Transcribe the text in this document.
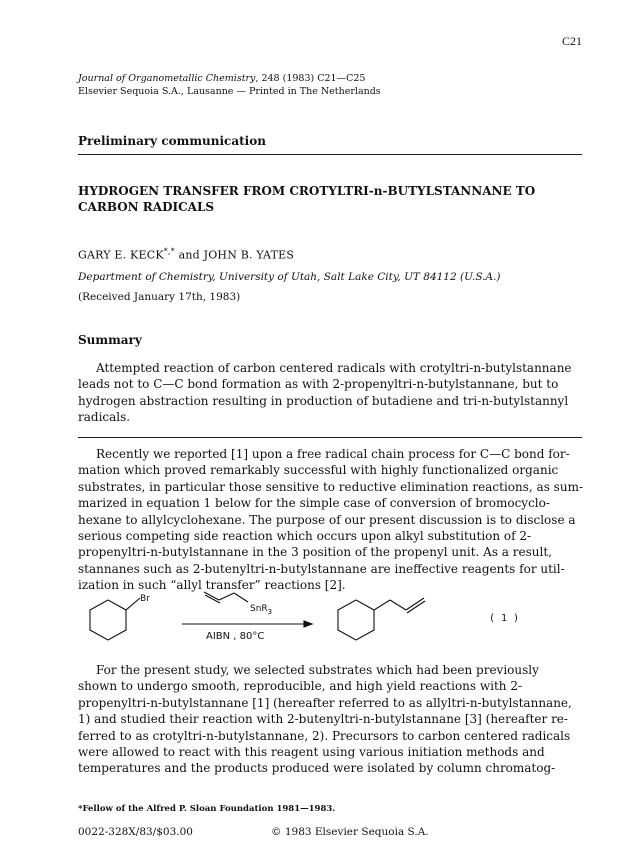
C21
Journal of Organometallic Chemistry, 248 (1983) C21—C25
Elsevier Sequoia S.A., Lausanne — Printed in The Netherlands
Preliminary communication
HYDROGEN TRANSFER FROM CROTYLTRI-n-BUTYLSTANNANE TO
CARBON RADICALS
GARY E. KECK*,* and JOHN B. YATES
Department of Chemistry, University of Utah, Salt Lake City, UT 84112 (U.S.A.)
(Received January 17th, 1983)
Summary
Attempted reaction of carbon centered radicals with crotyltri-n-butylstannane
leads not to C—C bond formation as with 2-propenyltri-n-butylstannane, but to
hydrogen abstraction resulting in production of butadiene and tri-n-butylstannyl
radicals.
Recently we reported [1] upon a free radical chain process for C—C bond for-
mation which proved remarkably successful with highly functionalized organic
substrates, in particular those sensitive to reductive elimination reactions, as sum-
marized in equation 1 below for the simple case of conversion of bromocyclo-
hexane to allylcyclohexane. The purpose of our present discussion is to disclose a
serious competing side reaction which occurs upon alkyl substitution of 2-
propenyltri-n-butylstannane in the 3 position of the propenyl unit. As a result,
stannanes such as 2-butenyltri-n-butylstannane are ineffective reagents for util-
ization in such “allyl transfer” reactions [2].
Br
SnR$_3$
AIBN , 80°C
( 1 )
For the present study, we selected substrates which had been previously
shown to undergo smooth, reproducible, and high yield reactions with 2-
propenyltri-n-butylstannane [1] (hereafter referred to as allyltri-n-butylstannane,
1) and studied their reaction with 2-butenyltri-n-butylstannane [3] (hereafter re-
ferred to as crotyltri-n-butylstannane, 2). Precursors to carbon centered radicals
were allowed to react with this reagent using various initiation methods and
temperatures and the products produced were isolated by column chromatog-
*Fellow of the Alfred P. Sloan Foundation 1981—1983.
0022-328X/83/$03.00	© 1983 Elsevier Sequoia S.A.
